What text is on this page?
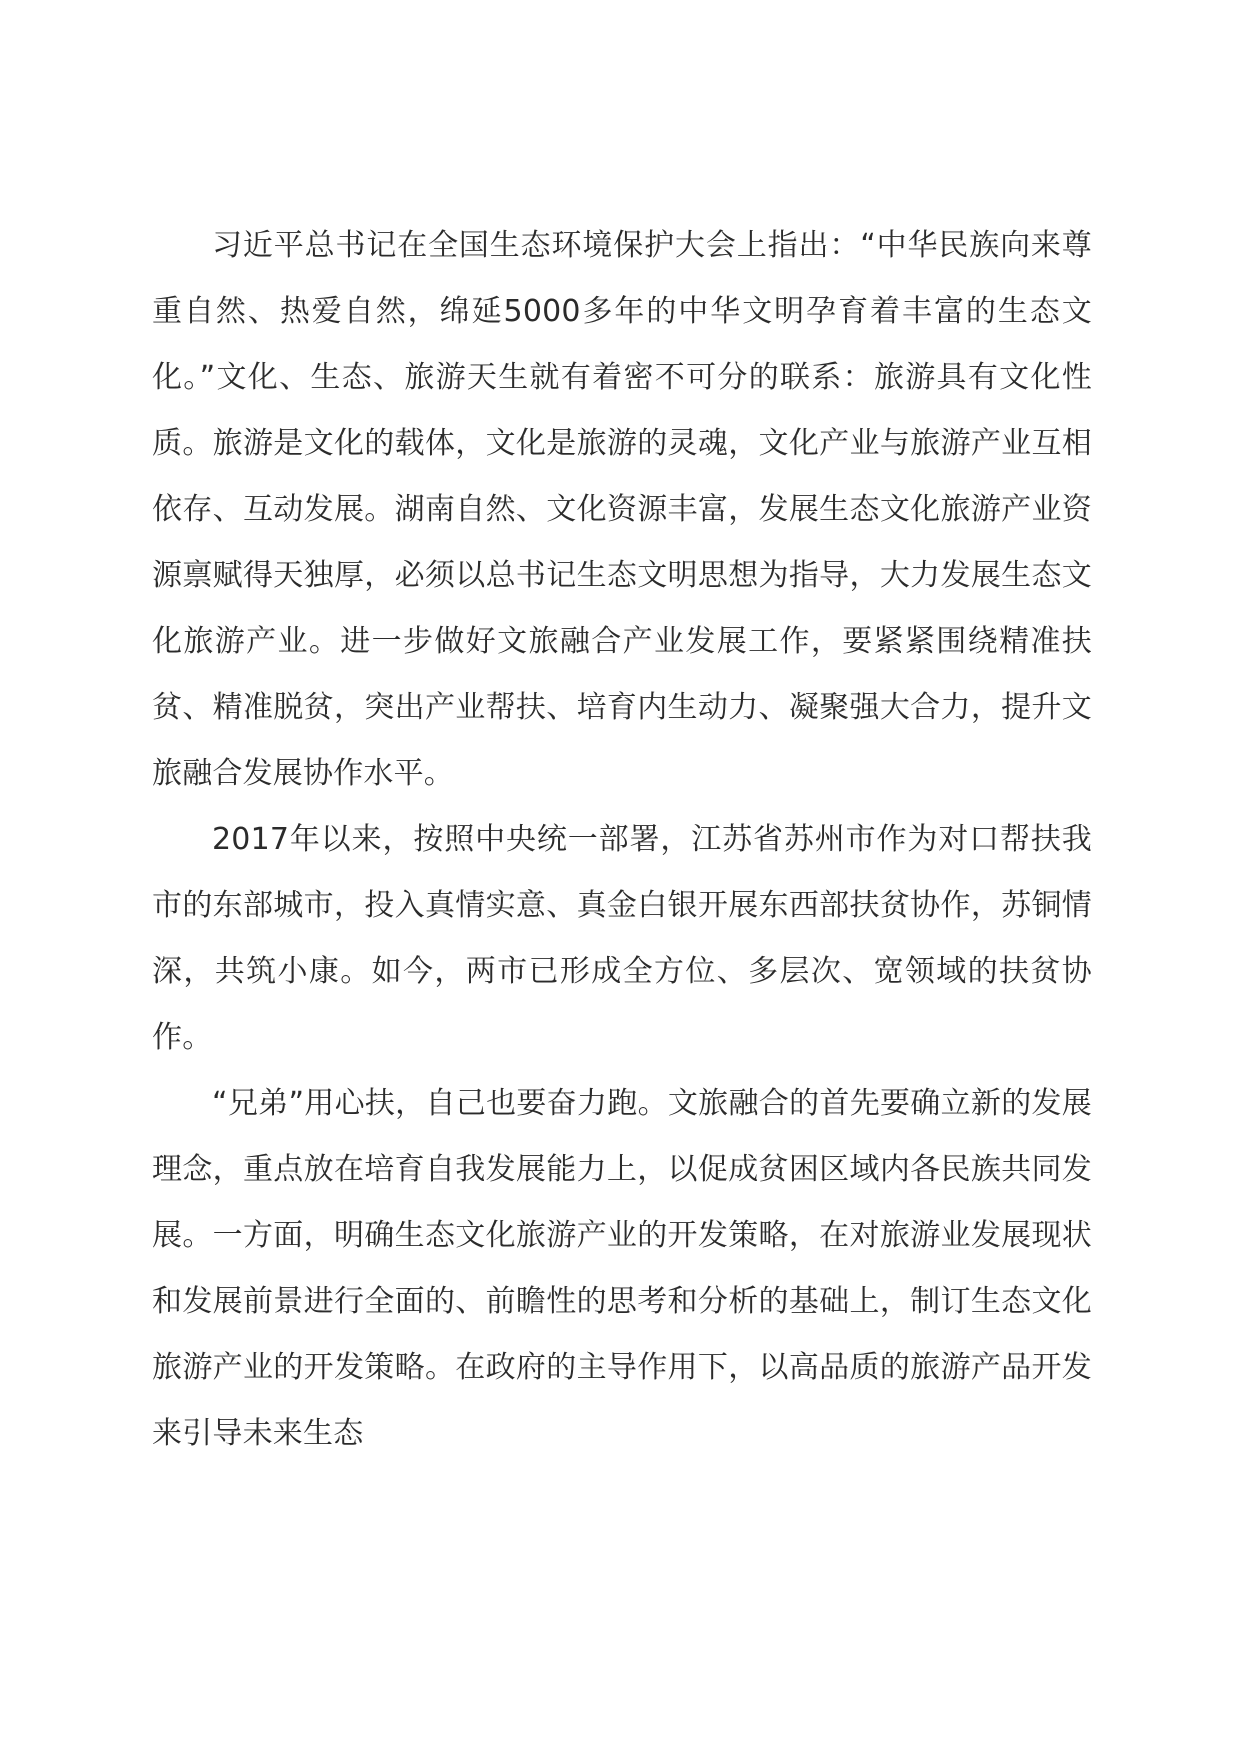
习近平总书记在全国生态环境保护大会上指出：“中华民族向来尊重自然、热爱自然，绵延5000多年的中华文明孕育着丰富的生态文化。”文化、生态、旅游天生就有着密不可分的联系：旅游具有文化性质。旅游是文化的载体，文化是旅游的灵魂，文化产业与旅游产业互相依存、互动发展。湖南自然、文化资源丰富，发展生态文化旅游产业资源禀赋得天独厚，必须以总书记生态文明思想为指导，大力发展生态文化旅游产业。进一步做好文旅融合产业发展工作，要紧紧围绕精准扶贫、精准脱贫，突出产业帮扶、培育内生动力、凝聚强大合力，提升文旅融合发展协作水平。

2017年以来，按照中央统一部署，江苏省苏州市作为对口帮扶我市的东部城市，投入真情实意、真金白银开展东西部扶贫协作，苏铜情深，共筑小康。如今，两市已形成全方位、多层次、宽领域的扶贫协作。

“兄弟”用心扶，自己也要奋力跑。文旅融合的首先要确立新的发展理念，重点放在培育自我发展能力上，以促成贫困区域内各民族共同发展。一方面，明确生态文化旅游产业的开发策略，在对旅游业发展现状和发展前景进行全面的、前瞻性的思考和分析的基础上，制订生态文化旅游产业的开发策略。在政府的主导作用下，以高品质的旅游产品开发来引导未来生态
